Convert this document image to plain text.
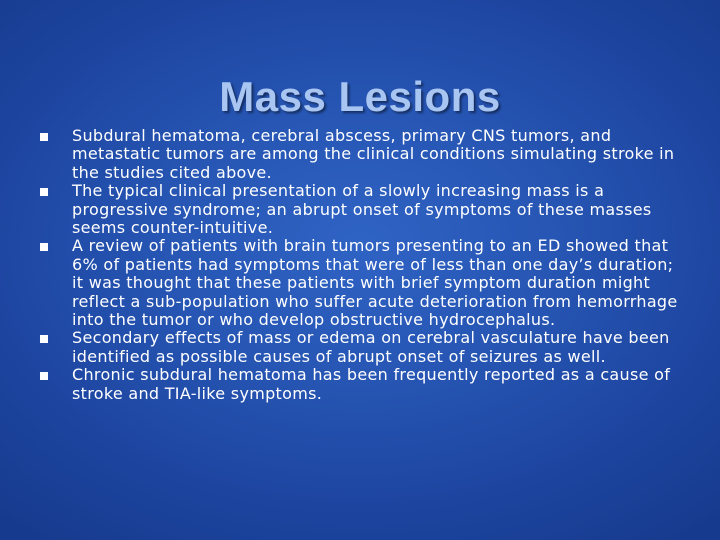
Mass Lesions
Subdural hematoma, cerebral abscess, primary CNS tumors, and metastatic tumors are among the clinical conditions simulating stroke in the studies cited above.
The typical clinical presentation of a slowly increasing mass is a progressive syndrome; an abrupt onset of symptoms of these masses seems counter-intuitive.
A review of patients with brain tumors presenting to an ED showed that 6% of patients had symptoms that were of less than one day’s duration; it was thought that these patients with brief symptom duration might reflect a sub-population who suffer acute deterioration from hemorrhage into the tumor or who develop obstructive hydrocephalus.
Secondary effects of mass or edema on cerebral vasculature have been identified as possible causes of abrupt onset of seizures as well.
Chronic subdural hematoma has been frequently reported as a cause of stroke and TIA-like symptoms.
